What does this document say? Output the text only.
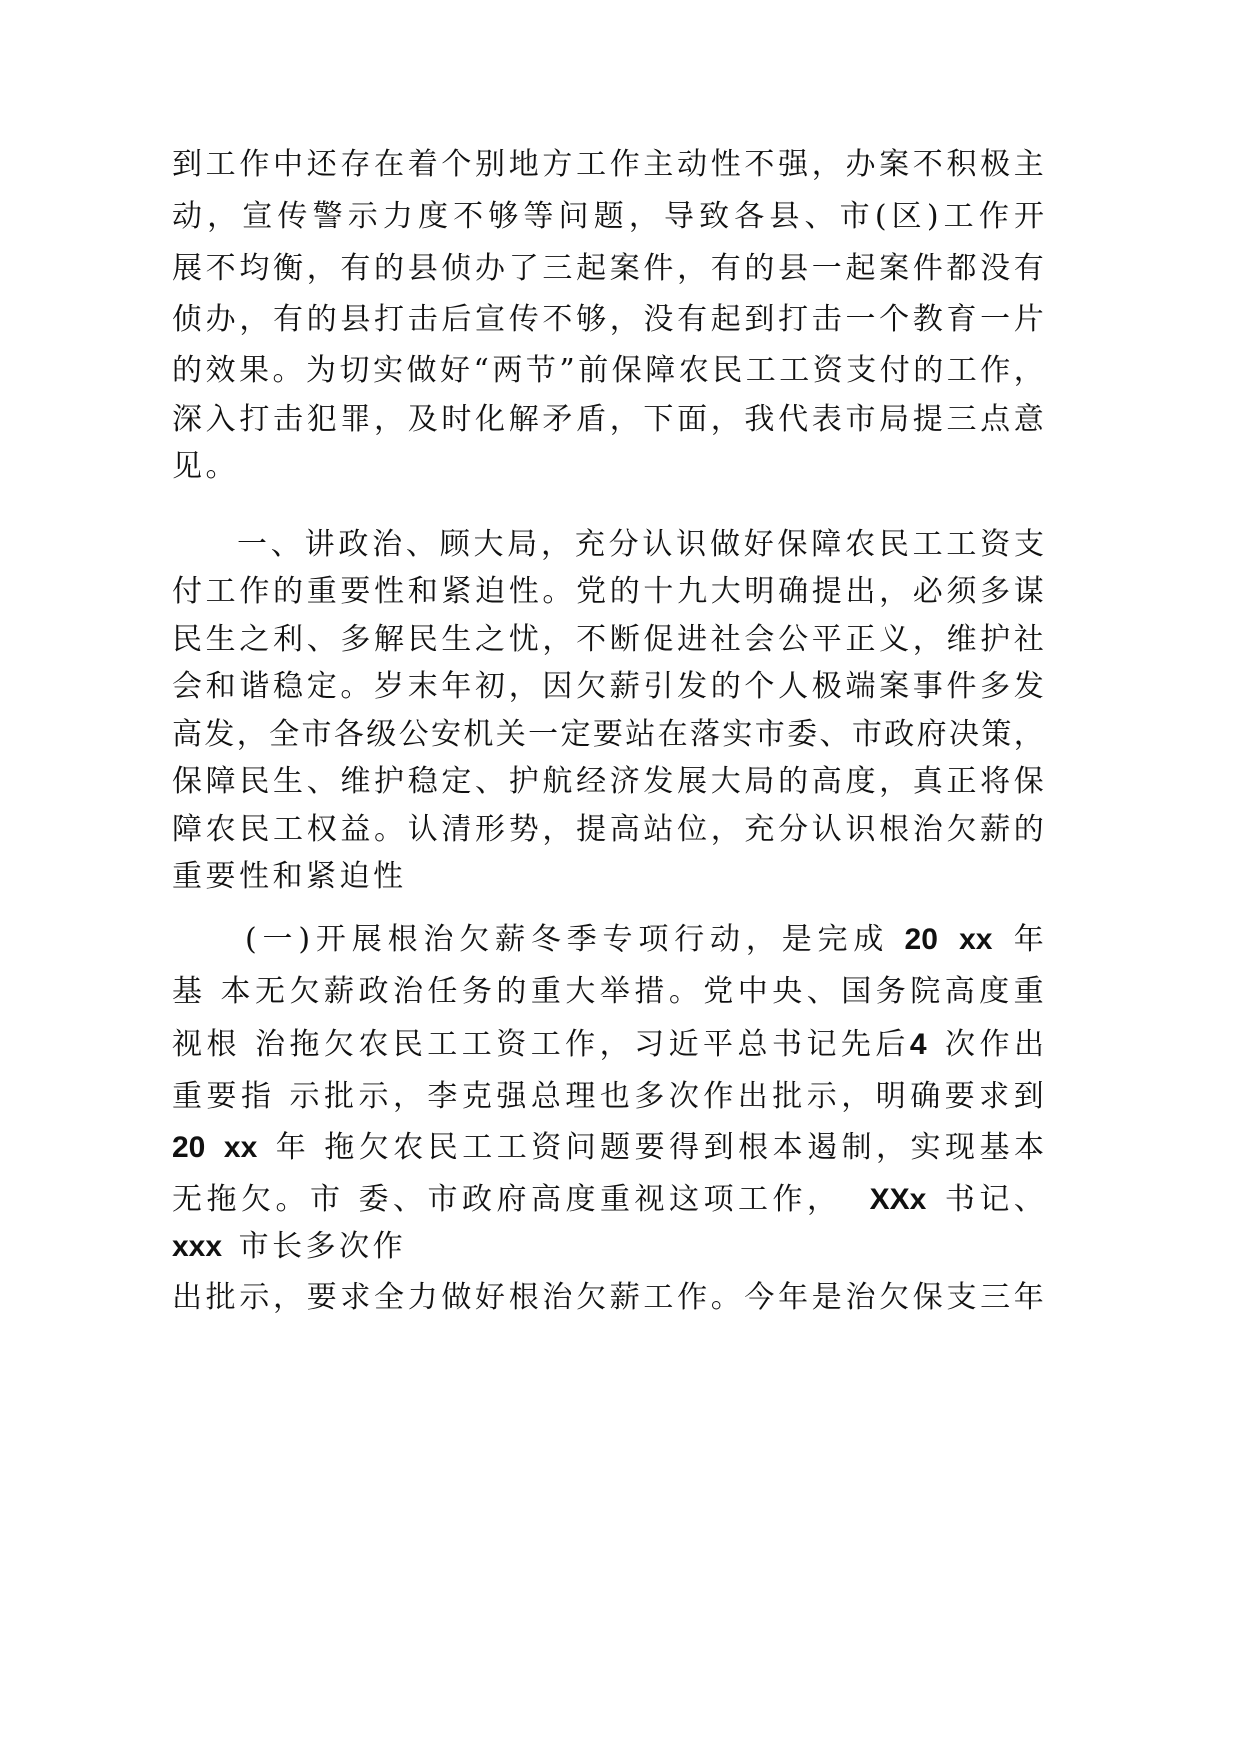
到 工 作 中 还 存 在 着 个 别 地 方 工 作 主 动 性 不 强 ， 办 案 不 积 极 主
动 ， 宣 传 警 示 力 度 不 够 等 问 题 ， 导 致 各 县 、 市 ( 区 ) 工 作 开
展 不 均 衡 ， 有 的 县 侦 办 了 三 起 案 件 ， 有 的 县 一 起 案 件 都 没 有
侦 办 ， 有 的 县 打 击 后 宣 传 不 够 ， 没 有 起 到 打 击 一 个 教 育 一 片
的 效 果 。 为 切 实 做 好 “ 两 节 ” 前 保 障 农 民 工 工 资 支 付 的 工 作 ，
深 入 打 击 犯 罪 ， 及 时 化 解 矛 盾 ， 下 面 ， 我 代 表 市 局 提 三 点 意
见 。
一 、 讲 政 治 、 顾 大 局 ， 充 分 认 识 做 好 保 障 农 民 工 工 资 支
付 工 作 的 重 要 性 和 紧 迫 性 。 党 的 十 九 大 明 确 提 出 ， 必 须 多 谋
民 生 之 利 、 多 解 民 生 之 忧 ， 不 断 促 进 社 会 公 平 正 义 ， 维 护 社
会 和 谐 稳 定 。 岁 末 年 初 ， 因 欠 薪 引 发 的 个 人 极 端 案 事 件 多 发
高 发 ， 全 市 各 级 公 安 机 关 一 定 要 站 在 落 实 市 委 、 市 政 府 决 策 ，
保 障 民 生 、 维 护 稳 定 、 护 航 经 济 发 展 大 局 的 高 度 ， 真 正 将 保
障 农 民 工 权 益 。 认 清 形 势 ， 提 高 站 位 ， 充 分 认 识 根 治 欠 薪 的
重 要 性 和 紧 迫 性
( 一 ) 开 展 根 治 欠 薪 冬 季 专 项 行 动 ， 是 完 成
20
xx
年
基
本 无 欠 薪 政 治 任 务 的 重 大 举 措 。 党 中 央 、 国 务 院 高 度 重
视 根
治 拖 欠 农 民 工 工 资 工 作 ， 习 近 平 总 书 记 先 后 4
次 作 出
重 要 指
示 批 示 ， 李 克 强 总 理 也 多 次 作 出 批 示 ， 明 确 要 求 到
20
xx
年
拖 欠 农 民 工 工 资 问 题 要 得 到 根 本 遏 制 ， 实 现 基 本
无 拖 欠 。 市
委 、 市 政 府 高 度 重 视 这 项 工 作 ，

XXx
书 记 、
xxx
市 长 多 次 作
出 批 示 ， 要 求 全 力 做 好 根 治 欠 薪 工 作 。 今 年 是 治 欠 保 支 三 年
